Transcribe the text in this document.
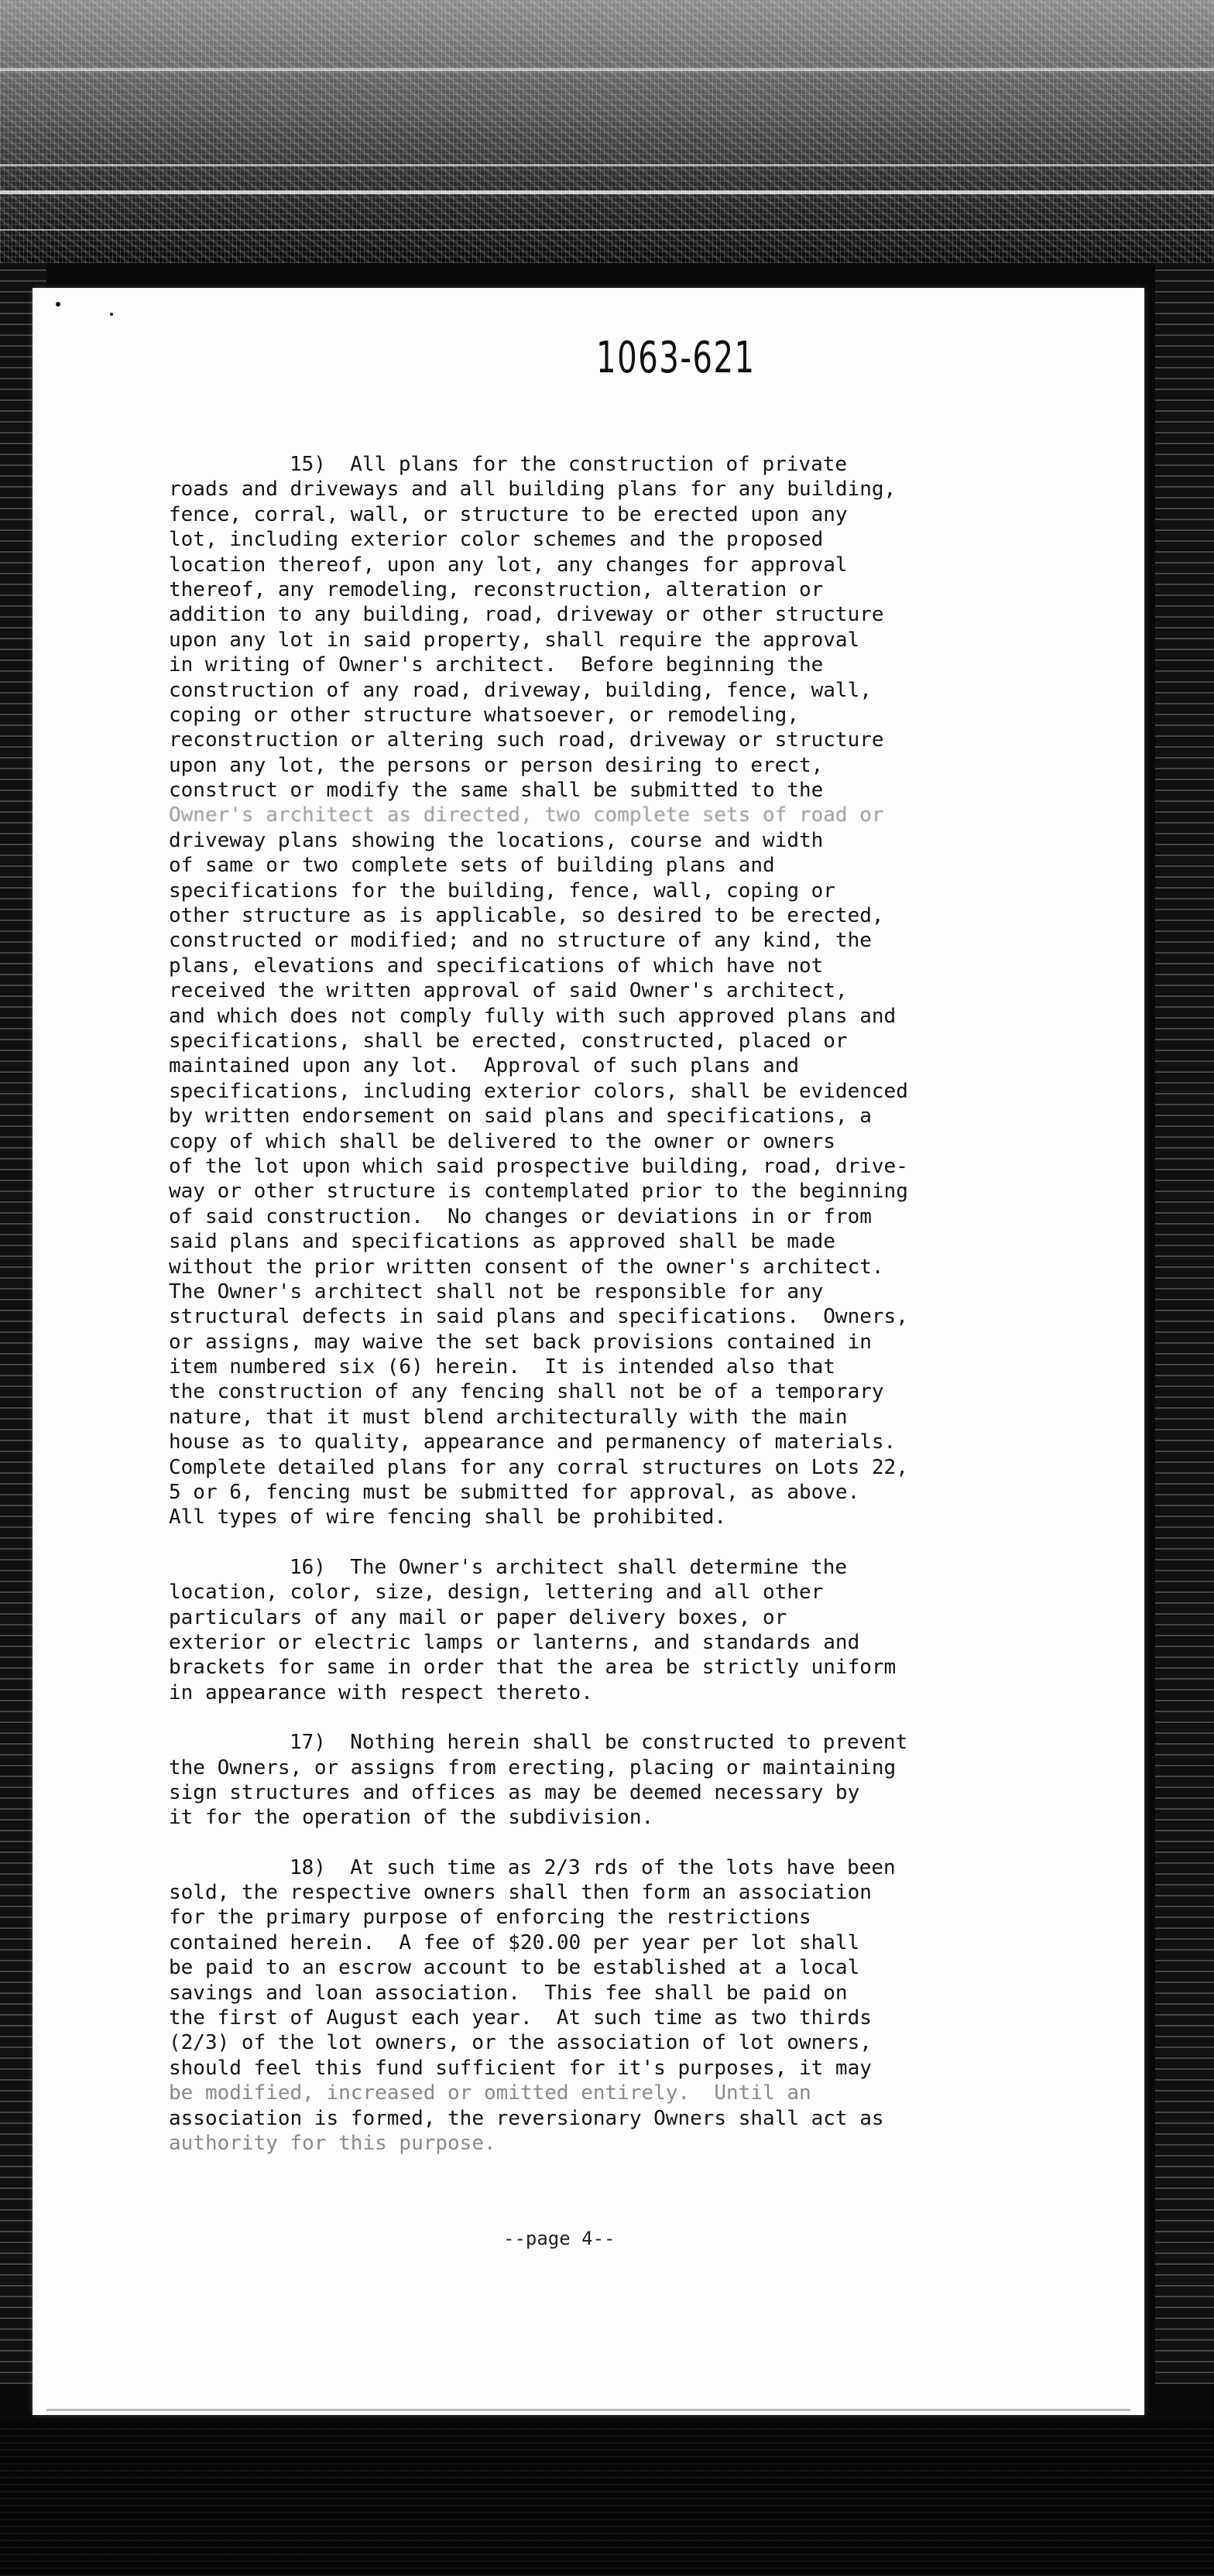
1063-621
15)  All plans for the construction of private
roads and driveways and all building plans for any building,
fence, corral, wall, or structure to be erected upon any
lot, including exterior color schemes and the proposed
location thereof, upon any lot, any changes for approval
thereof, any remodeling, reconstruction, alteration or
addition to any building, road, driveway or other structure
upon any lot in said property, shall require the approval
in writing of Owner's architect.  Before beginning the
construction of any road, driveway, building, fence, wall,
coping or other structure whatsoever, or remodeling,
reconstruction or altering such road, driveway or structure
upon any lot, the persons or person desiring to erect,
construct or modify the same shall be submitted to the
Owner's architect as directed, two complete sets of road or
driveway plans showing the locations, course and width
of same or two complete sets of building plans and
specifications for the building, fence, wall, coping or
other structure as is applicable, so desired to be erected,
constructed or modified; and no structure of any kind, the
plans, elevations and specifications of which have not
received the written approval of said Owner's architect,
and which does not comply fully with such approved plans and
specifications, shall be erected, constructed, placed or
maintained upon any lot.  Approval of such plans and
specifications, including exterior colors, shall be evidenced
by written endorsement on said plans and specifications, a
copy of which shall be delivered to the owner or owners
of the lot upon which said prospective building, road, drive-
way or other structure is contemplated prior to the beginning
of said construction.  No changes or deviations in or from
said plans and specifications as approved shall be made
without the prior written consent of the owner's architect.
The Owner's architect shall not be responsible for any
structural defects in said plans and specifications.  Owners,
or assigns, may waive the set back provisions contained in
item numbered six (6) herein.  It is intended also that
the construction of any fencing shall not be of a temporary
nature, that it must blend architecturally with the main
house as to quality, appearance and permanency of materials.
Complete detailed plans for any corral structures on Lots 22,
5 or 6, fencing must be submitted for approval, as above.
All types of wire fencing shall be prohibited.
16)  The Owner's architect shall determine the
location, color, size, design, lettering and all other
particulars of any mail or paper delivery boxes, or
exterior or electric lamps or lanterns, and standards and
brackets for same in order that the area be strictly uniform
in appearance with respect thereto.
17)  Nothing herein shall be constructed to prevent
the Owners, or assigns from erecting, placing or maintaining
sign structures and offices as may be deemed necessary by
it for the operation of the subdivision.
18)  At such time as 2/3 rds of the lots have been
sold, the respective owners shall then form an association
for the primary purpose of enforcing the restrictions
contained herein.  A fee of $20.00 per year per lot shall
be paid to an escrow account to be established at a local
savings and loan association.  This fee shall be paid on
the first of August each year.  At such time as two thirds
(2/3) of the lot owners, or the association of lot owners,
should feel this fund sufficient for it's purposes, it may
be modified, increased or omitted entirely.  Until an
association is formed, the reversionary Owners shall act as
authority for this purpose.
--page 4--
